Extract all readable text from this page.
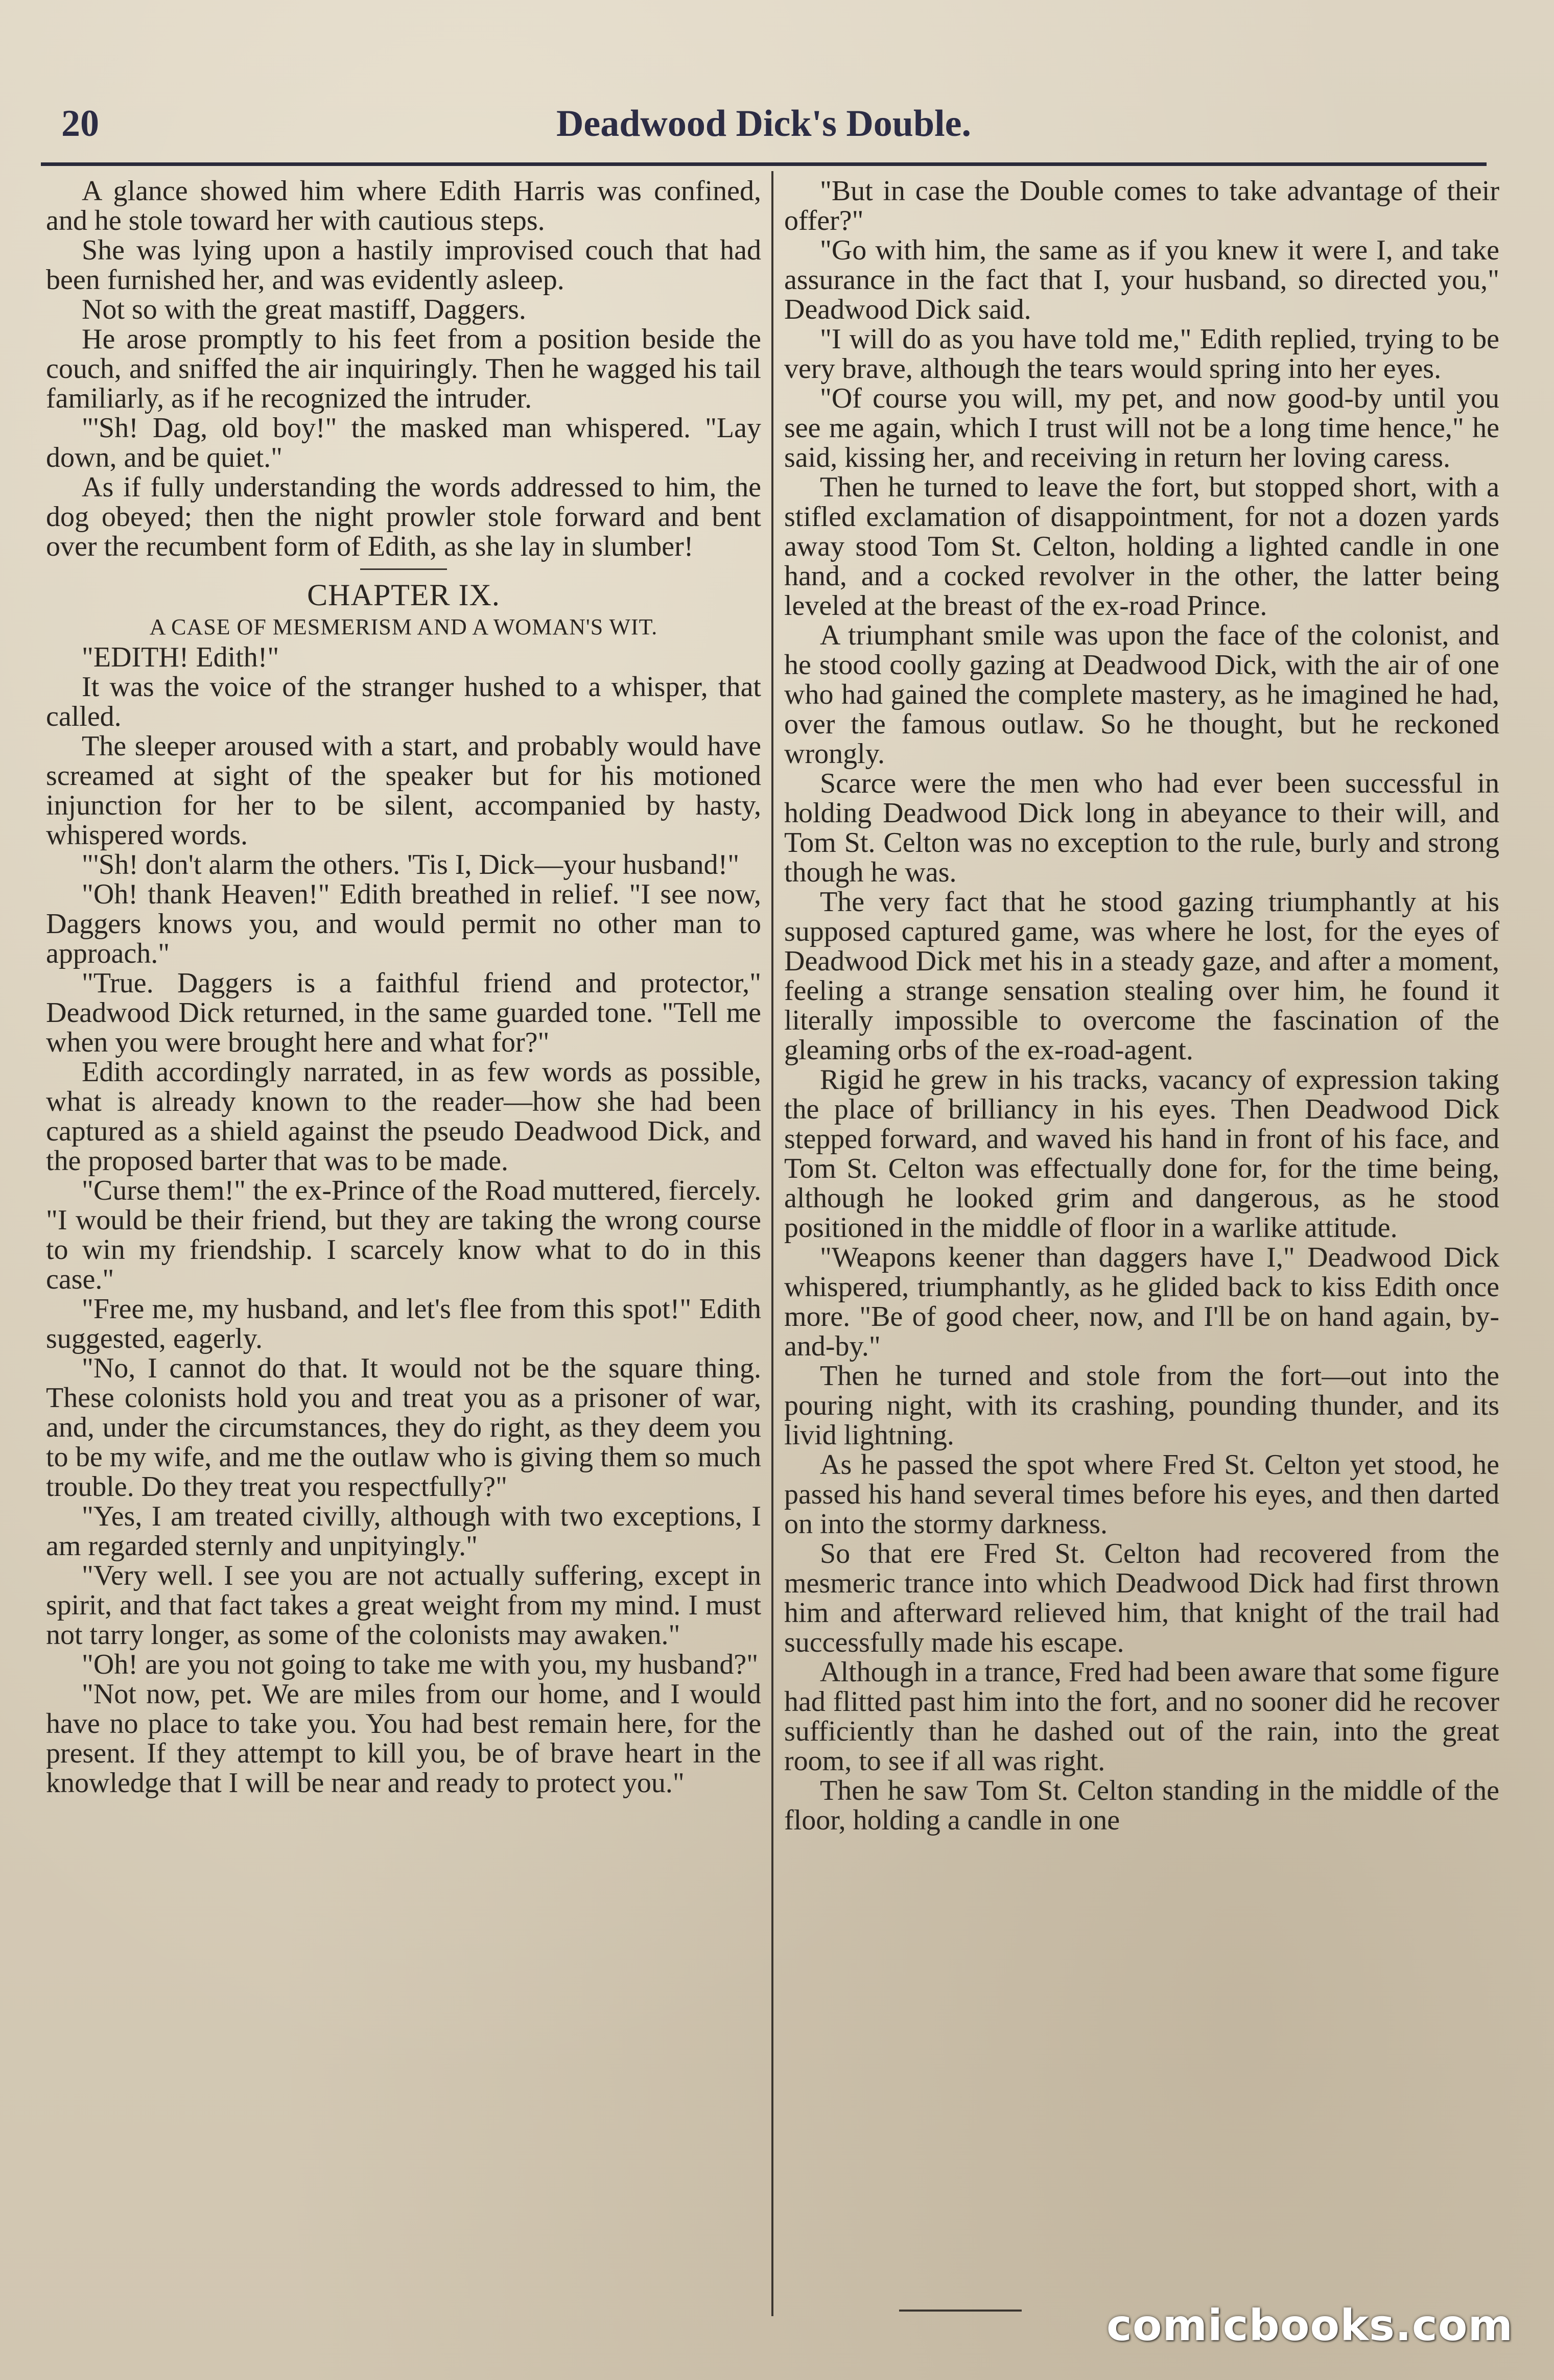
20	Deadwood Dick's Double.

A glance showed him where Edith Harris was confined, and he stole toward her with cautious steps.

She was lying upon a hastily improvised couch that had been furnished her, and was evidently asleep.

Not so with the great mastiff, Daggers.

He arose promptly to his feet from a position beside the couch, and sniffed the air inquiringly. Then he wagged his tail familiarly, as if he recognized the intruder.

"'Sh! Dag, old boy!" the masked man whispered. "Lay down, and be quiet."

As if fully understanding the words addressed to him, the dog obeyed; then the night prowler stole forward and bent over the recumbent form of Edith, as she lay in slumber!

CHAPTER IX.
A CASE OF MESMERISM AND A WOMAN'S WIT.

"EDITH! Edith!"

It was the voice of the stranger hushed to a whisper, that called.

The sleeper aroused with a start, and probably would have screamed at sight of the speaker but for his motioned injunction for her to be silent, accompanied by hasty, whispered words.

"'Sh! don't alarm the others. 'Tis I, Dick—your husband!"

"Oh! thank Heaven!" Edith breathed in relief. "I see now, Daggers knows you, and would permit no other man to approach."

"True. Daggers is a faithful friend and protector," Deadwood Dick returned, in the same guarded tone. "Tell me when you were brought here and what for?"

Edith accordingly narrated, in as few words as possible, what is already known to the reader—how she had been captured as a shield against the pseudo Deadwood Dick, and the proposed barter that was to be made.

"Curse them!" the ex-Prince of the Road muttered, fiercely. "I would be their friend, but they are taking the wrong course to win my friendship. I scarcely know what to do in this case."

"Free me, my husband, and let's flee from this spot!" Edith suggested, eagerly.

"No, I cannot do that. It would not be the square thing. These colonists hold you and treat you as a prisoner of war, and, under the circumstances, they do right, as they deem you to be my wife, and me the outlaw who is giving them so much trouble. Do they treat you respectfully?"

"Yes, I am treated civilly, although with two exceptions, I am regarded sternly and unpityingly."

"Very well. I see you are not actually suffering, except in spirit, and that fact takes a great weight from my mind. I must not tarry longer, as some of the colonists may awaken."

"Oh! are you not going to take me with you, my husband?"

"Not now, pet. We are miles from our home, and I would have no place to take you. You had best remain here, for the present. If they attempt to kill you, be of brave heart in the knowledge that I will be near and ready to protect you."

"But in case the Double comes to take advantage of their offer?"

"Go with him, the same as if you knew it were I, and take assurance in the fact that I, your husband, so directed you," Deadwood Dick said.

"I will do as you have told me," Edith replied, trying to be very brave, although the tears would spring into her eyes.

"Of course you will, my pet, and now good-by until you see me again, which I trust will not be a long time hence," he said, kissing her, and receiving in return her loving caress.

Then he turned to leave the fort, but stopped short, with a stifled exclamation of disappointment, for not a dozen yards away stood Tom St. Celton, holding a lighted candle in one hand, and a cocked revolver in the other, the latter being leveled at the breast of the ex-road Prince.

A triumphant smile was upon the face of the colonist, and he stood coolly gazing at Deadwood Dick, with the air of one who had gained the complete mastery, as he imagined he had, over the famous outlaw. So he thought, but he reckoned wrongly.

Scarce were the men who had ever been successful in holding Deadwood Dick long in abeyance to their will, and Tom St. Celton was no exception to the rule, burly and strong though he was.

The very fact that he stood gazing triumphantly at his supposed captured game, was where he lost, for the eyes of Deadwood Dick met his in a steady gaze, and after a moment, feeling a strange sensation stealing over him, he found it literally impossible to overcome the fascination of the gleaming orbs of the ex-road-agent.

Rigid he grew in his tracks, vacancy of expression taking the place of brilliancy in his eyes. Then Deadwood Dick stepped forward, and waved his hand in front of his face, and Tom St. Celton was effectually done for, for the time being, although he looked grim and dangerous, as he stood positioned in the middle of floor in a warlike attitude.

"Weapons keener than daggers have I," Deadwood Dick whispered, triumphantly, as he glided back to kiss Edith once more. "Be of good cheer, now, and I'll be on hand again, by-and-by."

Then he turned and stole from the fort—out into the pouring night, with its crashing, pounding thunder, and its livid lightning.

As he passed the spot where Fred St. Celton yet stood, he passed his hand several times before his eyes, and then darted on into the stormy darkness.

So that ere Fred St. Celton had recovered from the mesmeric trance into which Deadwood Dick had first thrown him and afterward relieved him, that knight of the trail had successfully made his escape.

Although in a trance, Fred had been aware that some figure had flitted past him into the fort, and no sooner did he recover sufficiently than he dashed out of the rain, into the great room, to see if all was right.

Then he saw Tom St. Celton standing in the middle of the floor, holding a candle in one

comicbooks.com
